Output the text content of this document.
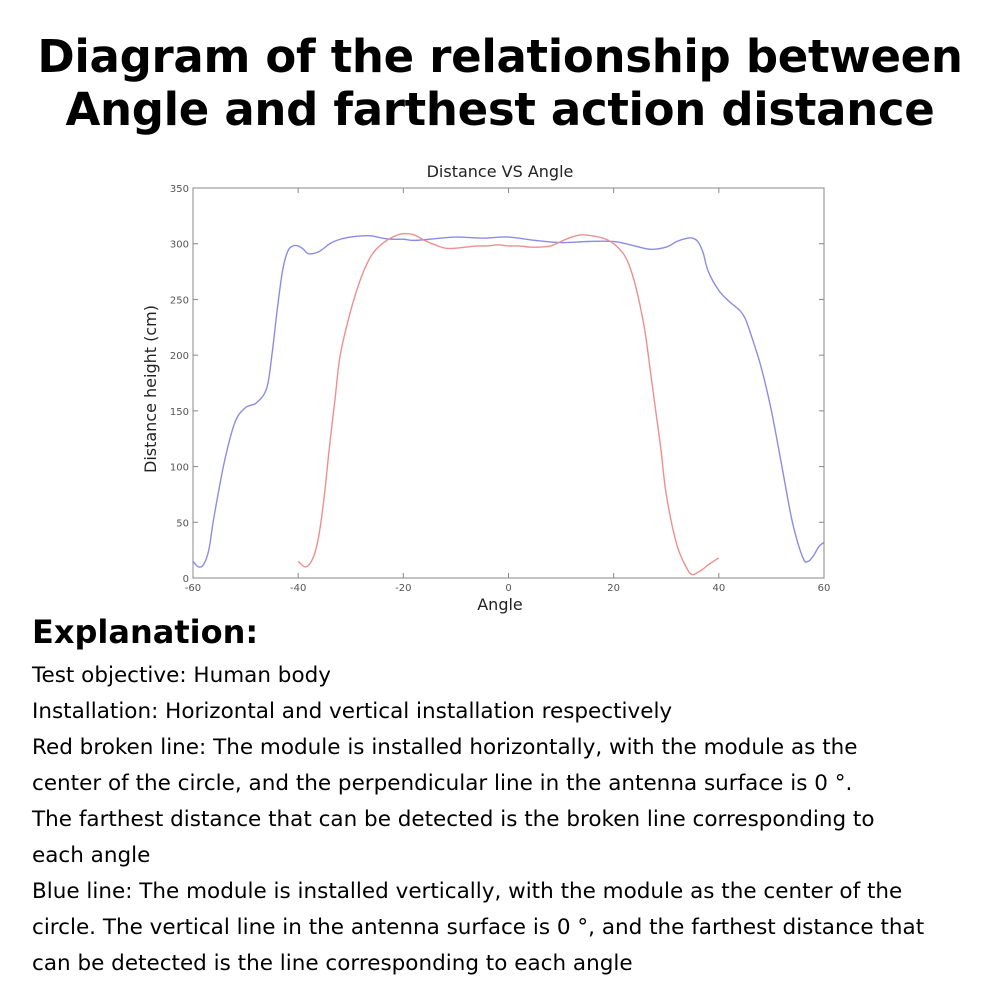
Diagram of the relationship between
Angle and farthest action distance
Distance VS Angle
-60	-40	-20	0	20	40	60
0
50
100
150
200
250
300
350
Angle
Distance height (cm)
Explanation:
Test objective: Human body
Installation: Horizontal and vertical installation respectively
Red broken line: The module is installed horizontally, with the module as the
center of the circle, and the perpendicular line in the antenna surface is 0 °.
The farthest distance that can be detected is the broken line corresponding to
each angle
Blue line: The module is installed vertically, with the module as the center of the
circle. The vertical line in the antenna surface is 0 °, and the farthest distance that
can be detected is the line corresponding to each angle
